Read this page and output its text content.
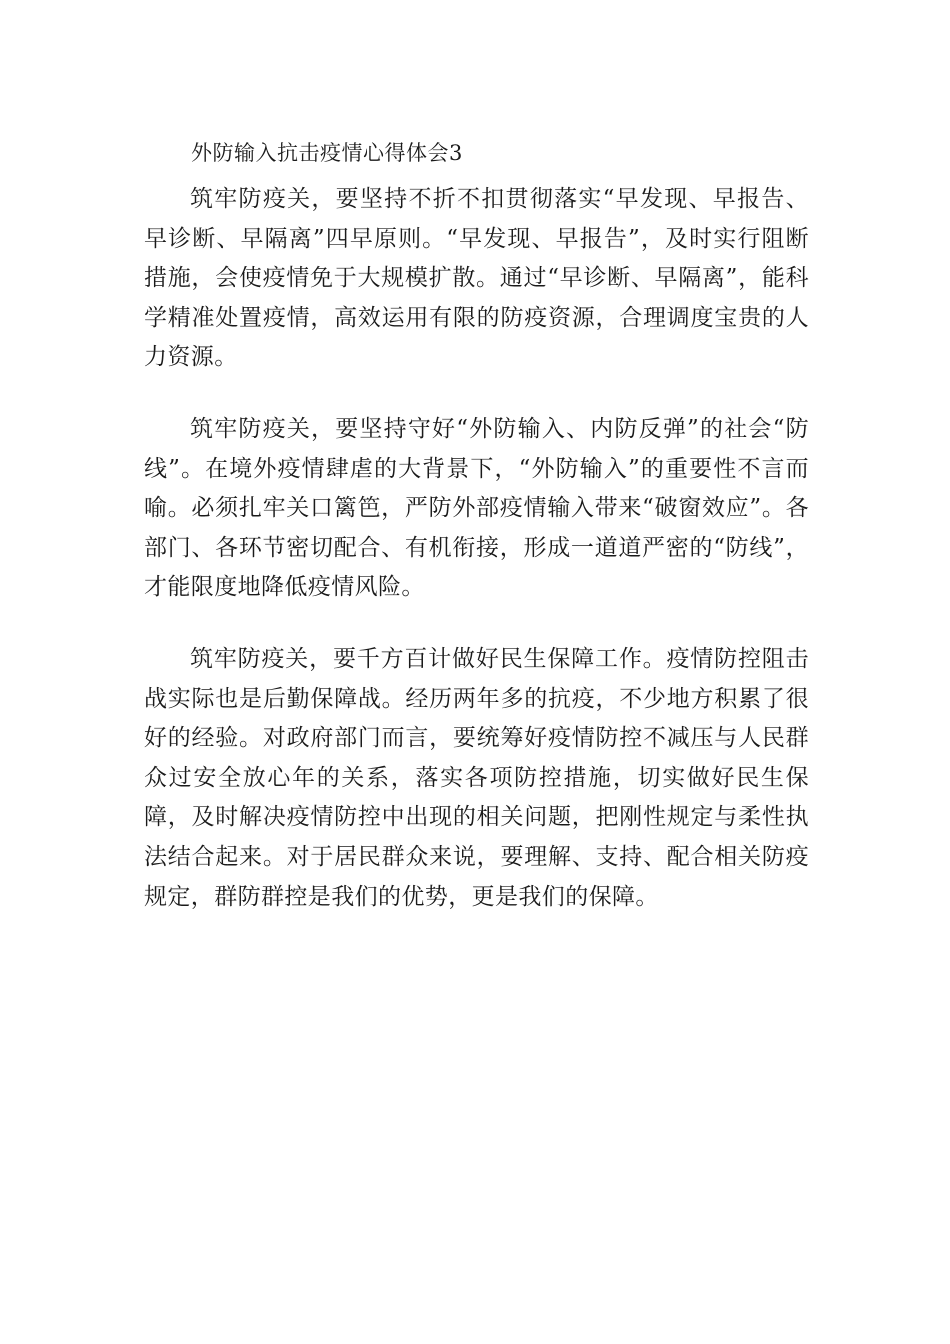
外防输入抗击疫情心得体会3

筑牢防疫关，要坚持不折不扣贯彻落实“早发现、早报告、早诊断、早隔离”四早原则。“早发现、早报告”，及时实行阻断措施，会使疫情免于大规模扩散。通过“早诊断、早隔离”，能科学精准处置疫情，高效运用有限的防疫资源，合理调度宝贵的人力资源。

筑牢防疫关，要坚持守好“外防输入、内防反弹”的社会“防线”。在境外疫情肆虐的大背景下，“外防输入”的重要性不言而喻。必须扎牢关口篱笆，严防外部疫情输入带来“破窗效应”。各部门、各环节密切配合、有机衔接，形成一道道严密的“防线”，才能限度地降低疫情风险。

筑牢防疫关，要千方百计做好民生保障工作。疫情防控阻击战实际也是后勤保障战。经历两年多的抗疫，不少地方积累了很好的经验。对政府部门而言，要统筹好疫情防控不减压与人民群众过安全放心年的关系，落实各项防控措施，切实做好民生保障，及时解决疫情防控中出现的相关问题，把刚性规定与柔性执法结合起来。对于居民群众来说，要理解、支持、配合相关防疫规定，群防群控是我们的优势，更是我们的保障。
